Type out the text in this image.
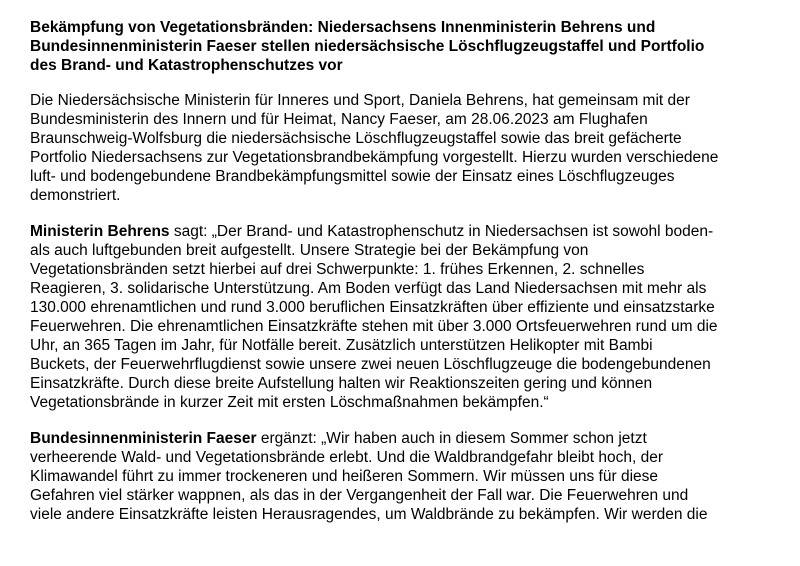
Bekämpfung von Vegetationsbränden: Niedersachsens Innenministerin Behrens und
Bundesinnenministerin Faeser stellen niedersächsische Löschflugzeugstaffel und Portfolio
des Brand- und Katastrophenschutzes vor
Die Niedersächsische Ministerin für Inneres und Sport, Daniela Behrens, hat gemeinsam mit der
Bundesministerin des Innern und für Heimat, Nancy Faeser, am 28.06.2023 am Flughafen
Braunschweig-Wolfsburg die niedersächsische Löschflugzeugstaffel sowie das breit gefächerte
Portfolio Niedersachsens zur Vegetationsbrandbekämpfung vorgestellt. Hierzu wurden verschiedene
luft- und bodengebundene Brandbekämpfungsmittel sowie der Einsatz eines Löschflugzeuges
demonstriert.
Ministerin Behrens sagt: „Der Brand- und Katastrophenschutz in Niedersachsen ist sowohl boden-
als auch luftgebunden breit aufgestellt. Unsere Strategie bei der Bekämpfung von
Vegetationsbränden setzt hierbei auf drei Schwerpunkte: 1. frühes Erkennen, 2. schnelles
Reagieren, 3. solidarische Unterstützung. Am Boden verfügt das Land Niedersachsen mit mehr als
130.000 ehrenamtlichen und rund 3.000 beruflichen Einsatzkräften über effiziente und einsatzstarke
Feuerwehren. Die ehrenamtlichen Einsatzkräfte stehen mit über 3.000 Ortsfeuerwehren rund um die
Uhr, an 365 Tagen im Jahr, für Notfälle bereit. Zusätzlich unterstützen Helikopter mit Bambi
Buckets, der Feuerwehrflugdienst sowie unsere zwei neuen Löschflugzeuge die bodengebundenen
Einsatzkräfte. Durch diese breite Aufstellung halten wir Reaktionszeiten gering und können
Vegetationsbrände in kurzer Zeit mit ersten Löschmaßnahmen bekämpfen.“
Bundesinnenministerin Faeser ergänzt: „Wir haben auch in diesem Sommer schon jetzt
verheerende Wald- und Vegetationsbrände erlebt. Und die Waldbrandgefahr bleibt hoch, der
Klimawandel führt zu immer trockeneren und heißeren Sommern. Wir müssen uns für diese
Gefahren viel stärker wappnen, als das in der Vergangenheit der Fall war. Die Feuerwehren und
viele andere Einsatzkräfte leisten Herausragendes, um Waldbrände zu bekämpfen. Wir werden die
